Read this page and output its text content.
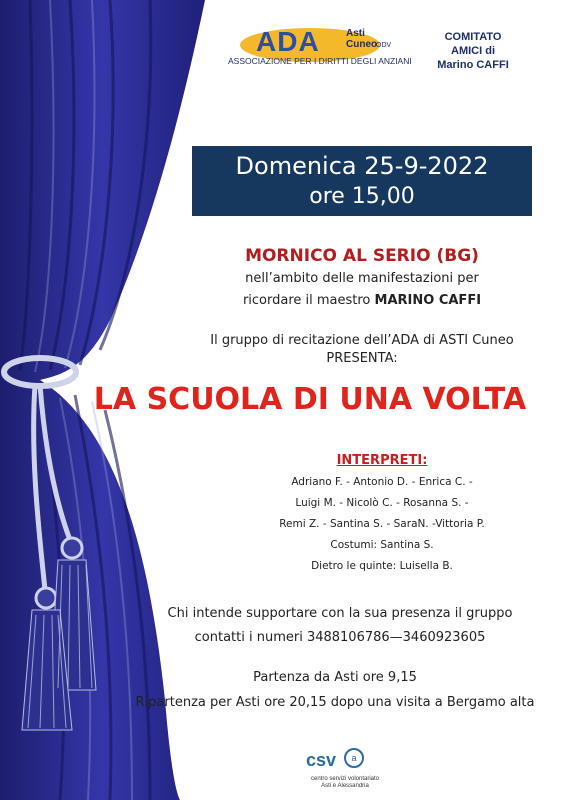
ADA	Asti Cuneo
ODV
ASSOCIAZIONE PER I DIRITTI DEGLI ANZIANI
COMITATO
AMICI di
Marino CAFFI
Domenica 25-9-2022
ore 15,00
MORNICO AL SERIO (BG)
nell’ambito delle manifestazioni per
ricordare il maestro MARINO CAFFI
Il gruppo di recitazione dell’ADA di ASTI Cuneo
PRESENTA:
LA SCUOLA DI UNA VOLTA
INTERPRETI:
Adriano F. - Antonio D. - Enrica C. -
Luigi M. - Nicolò C. - Rosanna S. -
Remi Z. - Santina S. - SaraN. -Vittoria P.
Costumi: Santina S.
Dietro le quinte: Luisella B.
Chi intende supportare con la sua presenza il gruppo
contatti i numeri 3488106786—3460923605
Partenza da Asti ore 9,15
Ripartenza per Asti ore 20,15 dopo una visita a Bergamo alta
csv	a
centro servizi volontariato
Asti e Alessandria
